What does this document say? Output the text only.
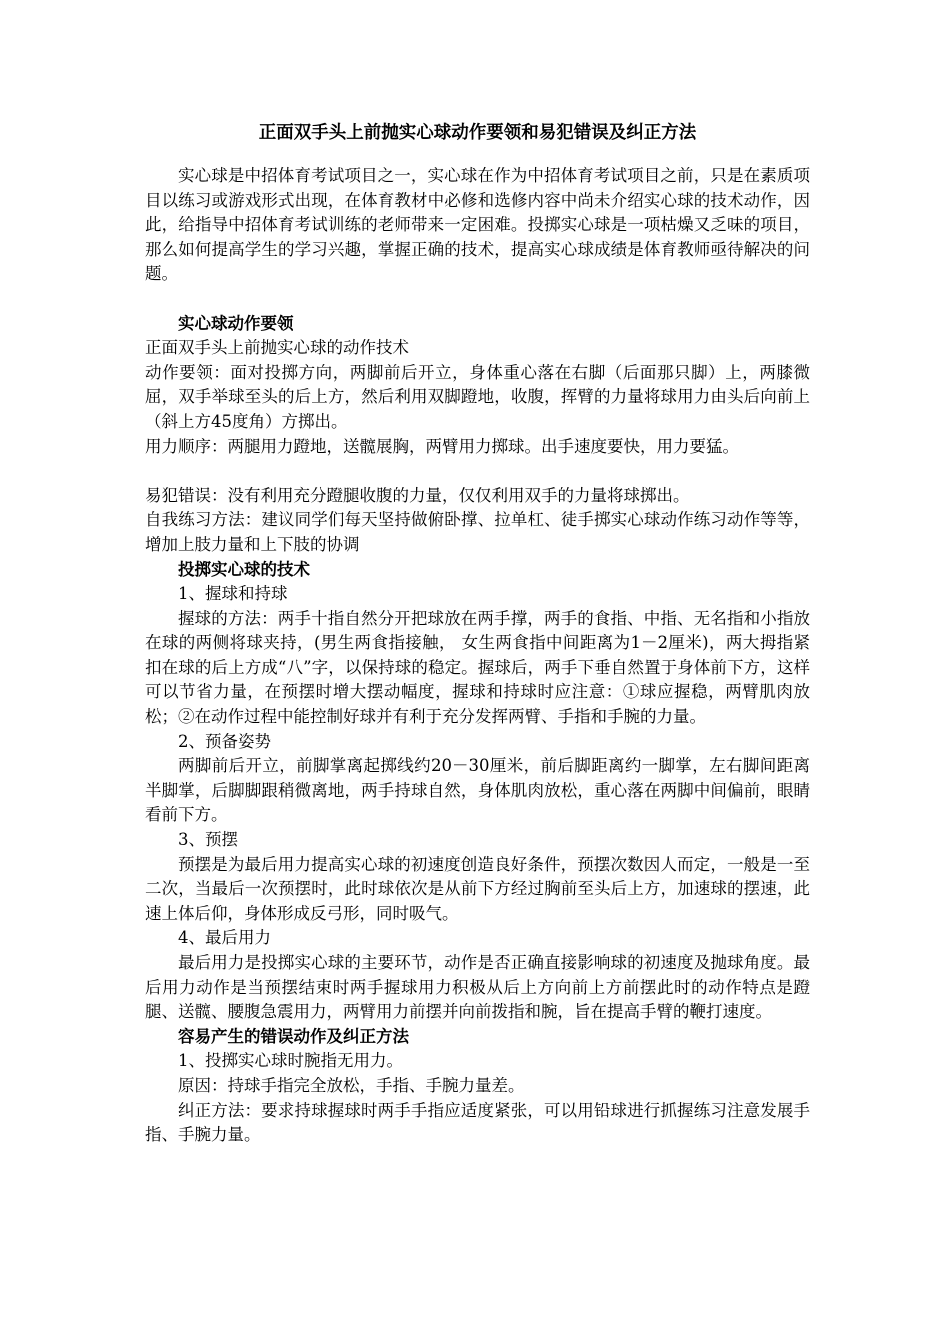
正面双手头上前抛实心球动作要领和易犯错误及纠正方法

实心球是中招体育考试项目之一，实心球在作为中招体育考试项目之前，只是在素质项目以练习或游戏形式出现，在体育教材中必修和选修内容中尚未介绍实心球的技术动作，因此，给指导中招体育考试训练的老师带来一定困难。投掷实心球是一项枯燥又乏味的项目，那么如何提高学生的学习兴趣，掌握正确的技术，提高实心球成绩是体育教师亟待解决的问题。

实心球动作要领

正面双手头上前抛实心球的动作技术

动作要领：面对投掷方向，两脚前后开立，身体重心落在右脚（后面那只脚）上，两膝微屈，双手举球至头的后上方，然后利用双脚蹬地，收腹，挥臂的力量将球用力由头后向前上（斜上方45度角）方掷出。

用力顺序：两腿用力蹬地，送髋展胸，两臂用力掷球。出手速度要快，用力要猛。

易犯错误：没有利用充分蹬腿收腹的力量，仅仅利用双手的力量将球掷出。

自我练习方法：建议同学们每天坚持做俯卧撑、拉单杠、徒手掷实心球动作练习动作等等，增加上肢力量和上下肢的协调

投掷实心球的技术

1、握球和持球

握球的方法：两手十指自然分开把球放在两手撑，两手的食指、中指、无名指和小指放在球的两侧将球夹持，(男生两食指接触， 女生两食指中间距离为1－2厘米)，两大拇指紧扣在球的后上方成“八”字，以保持球的稳定。握球后，两手下垂自然置于身体前下方，这样可以节省力量，在预摆时增大摆动幅度，握球和持球时应注意：①球应握稳，两臂肌肉放松；②在动作过程中能控制好球并有利于充分发挥两臂、手指和手腕的力量。

2、预备姿势

两脚前后开立，前脚掌离起掷线约20－30厘米，前后脚距离约一脚掌，左右脚间距离半脚掌，后脚脚跟稍微离地，两手持球自然，身体肌肉放松，重心落在两脚中间偏前，眼睛看前下方。

3、预摆

预摆是为最后用力提高实心球的初速度创造良好条件，预摆次数因人而定，一般是一至二次，当最后一次预摆时，此时球依次是从前下方经过胸前至头后上方，加速球的摆速，此速上体后仰，身体形成反弓形，同时吸气。

4、最后用力

最后用力是投掷实心球的主要环节，动作是否正确直接影响球的初速度及抛球角度。最后用力动作是当预摆结束时两手握球用力积极从后上方向前上方前摆此时的动作特点是蹬腿、送髋、腰腹急震用力，两臂用力前摆并向前拨指和腕，旨在提高手臂的鞭打速度。

容易产生的错误动作及纠正方法

1、投掷实心球时腕指无用力。

原因：持球手指完全放松，手指、手腕力量差。

纠正方法：要求持球握球时两手手指应适度紧张，可以用铅球进行抓握练习注意发展手指、手腕力量。
